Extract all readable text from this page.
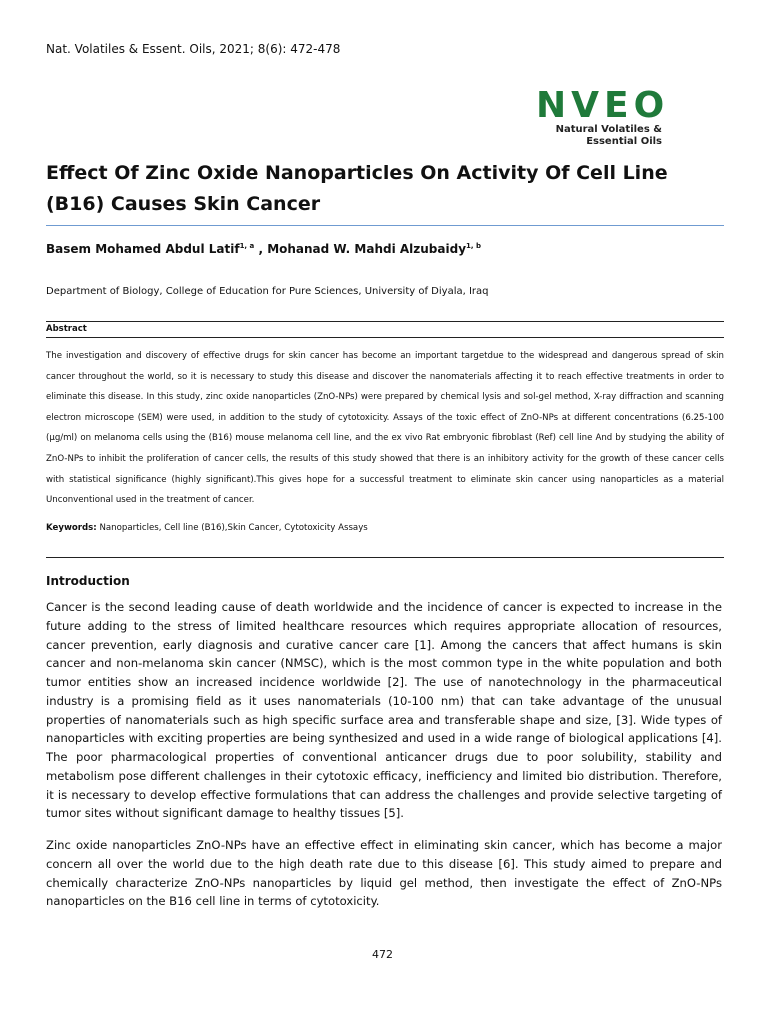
Nat. Volatiles & Essent. Oils, 2021; 8(6): 472-478
NVEO
Natural Volatiles &
Essential Oils
Effect Of Zinc Oxide Nanoparticles On Activity Of Cell Line (B16) Causes Skin Cancer
Basem Mohamed Abdul Latif$^{1, a}$ , Mohanad W. Mahdi Alzubaidy$^{1, b}$
Department of Biology, College of Education for Pure Sciences, University of Diyala, Iraq
Abstract
The investigation and discovery of effective drugs for skin cancer has become an important targetdue to the widespread and dangerous spread of skin cancer throughout the world, so it is necessary to study this disease and discover the nanomaterials affecting it to reach effective treatments in order to eliminate this disease. In this study, zinc oxide nanoparticles (ZnO-NPs) were prepared by chemical lysis and sol-gel method, X-ray diffraction and scanning electron microscope (SEM) were used, in addition to the study of cytotoxicity. Assays of the toxic effect of ZnO-NPs at different concentrations (6.25-100 (µg/ml) on melanoma cells using the (B16) mouse melanoma cell line, and the ex vivo Rat embryonic fibroblast (Ref) cell line And by studying the ability of ZnO-NPs to inhibit the proliferation of cancer cells, the results of this study showed that there is an inhibitory activity for the growth of these cancer cells with statistical significance (highly significant).This gives hope for a successful treatment to eliminate skin cancer using nanoparticles as a material Unconventional used in the treatment of cancer.
Keywords: Nanoparticles, Cell line (B16),Skin Cancer, Cytotoxicity Assays
Introduction
Cancer is the second leading cause of death worldwide and the incidence of cancer is expected to increase in the future adding to the stress of limited healthcare resources which requires appropriate allocation of resources, cancer prevention, early diagnosis and curative cancer care [1]. Among the cancers that affect humans is skin cancer and non-melanoma skin cancer (NMSC), which is the most common type in the white population and both tumor entities show an increased incidence worldwide [2]. The use of nanotechnology in the pharmaceutical industry is a promising field as it uses nanomaterials (10-100 nm) that can take advantage of the unusual properties of nanomaterials such as high specific surface area and transferable shape and size, [3]. Wide types of nanoparticles with exciting properties are being synthesized and used in a wide range of biological applications [4]. The poor pharmacological properties of conventional anticancer drugs due to poor solubility, stability and metabolism pose different challenges in their cytotoxic efficacy, inefficiency and limited bio distribution. Therefore, it is necessary to develop effective formulations that can address the challenges and provide selective targeting of tumor sites without significant damage to healthy tissues [5].
Zinc oxide nanoparticles ZnO-NPs have an effective effect in eliminating skin cancer, which has become a major concern all over the world due to the high death rate due to this disease [6]. This study aimed to prepare and chemically characterize ZnO-NPs nanoparticles by liquid gel method, then investigate the effect of ZnO-NPs nanoparticles on the B16 cell line in terms of cytotoxicity.
472
